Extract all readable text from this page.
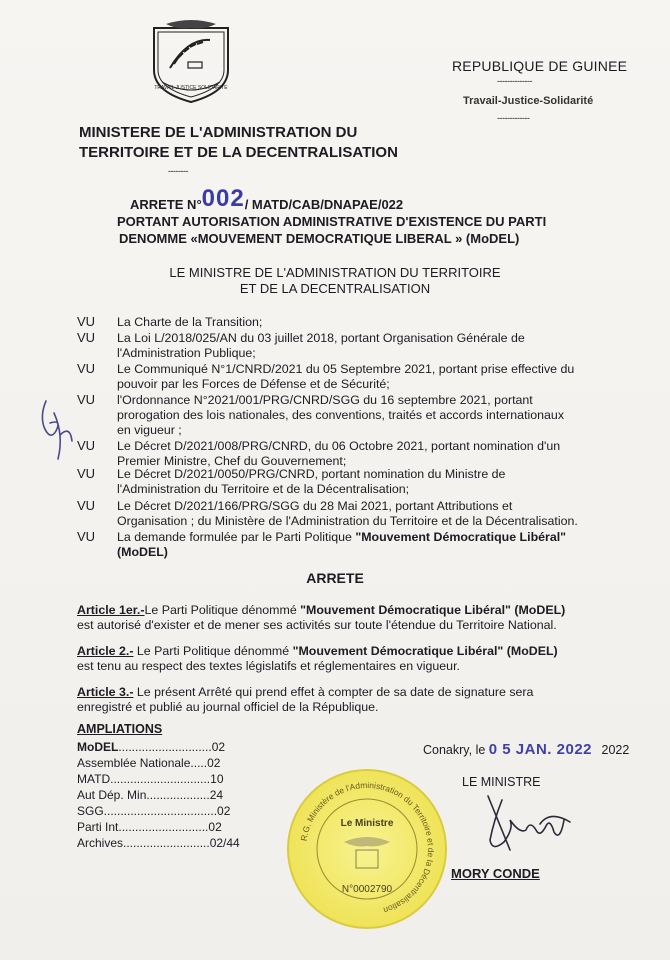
TRAVAIL JUSTICE SOLIDARITE
REPUBLIQUE DE GUINEE
--------------
Travail-Justice-Solidarité
-------------
MINISTERE DE L'ADMINISTRATION DU
TERRITOIRE ET DE LA DECENTRALISATION
--------
ARRETE N°002/ MATD/CAB/DNAPAE/022
PORTANT AUTORISATION ADMINISTRATIVE D'EXISTENCE DU PARTI
DENOMME «MOUVEMENT DEMOCRATIQUE LIBERAL » (MoDEL)
LE MINISTRE DE L'ADMINISTRATION DU TERRITOIRE
ET DE LA DECENTRALISATION
VU La Charte de la Transition;
VU La Loi L/2018/025/AN du 03 juillet 2018, portant Organisation Générale de
l'Administration Publique;
VU Le Communiqué N°1/CNRD/2021 du 05 Septembre 2021, portant prise effective du
pouvoir par les Forces de Défense et de Sécurité;
VU l'Ordonnance N°2021/001/PRG/CNRD/SGG du 16 septembre 2021, portant
prorogation des lois nationales, des conventions, traités et accords internationaux
en vigueur ;
VU Le Décret D/2021/008/PRG/CNRD, du 06 Octobre 2021, portant nomination d'un
Premier Ministre, Chef du Gouvernement;
VU Le Décret D/2021/0050/PRG/CNRD, portant nomination du Ministre de
l'Administration du Territoire et de la Décentralisation;
VU Le Décret D/2021/166/PRG/SGG du 28 Mai 2021, portant Attributions et
Organisation ; du Ministère de l'Administration du Territoire et de la Décentralisation.
VU La demande formulée par le Parti Politique "Mouvement Démocratique Libéral"
(MoDEL)
ARRETE
Article 1er.-Le Parti Politique dénommé "Mouvement Démocratique Libéral" (MoDEL)
est autorisé d'exister et de mener ses activités sur toute l'étendue du Territoire National.
Article 2.- Le Parti Politique dénommé "Mouvement Démocratique Libéral" (MoDEL)
est tenu au respect des textes législatifs et réglementaires en vigueur.
Article 3.- Le présent Arrêté qui prend effet à compter de sa date de signature sera
enregistré et publié au journal officiel de la République.
AMPLIATIONS
MoDEL............................02
Assemblée Nationale.....02
MATD..............................10
Aut Dép. Min...................24
SGG..................................02
Parti Int...........................02
Archives..........................02/44
Conakry, le 0 5 JAN. 2022 2022
LE MINISTRE
MORY CONDE
R.G. Ministère de l'Administration du Territoire et de la Décentralisation
Le Ministre
N°0002790
